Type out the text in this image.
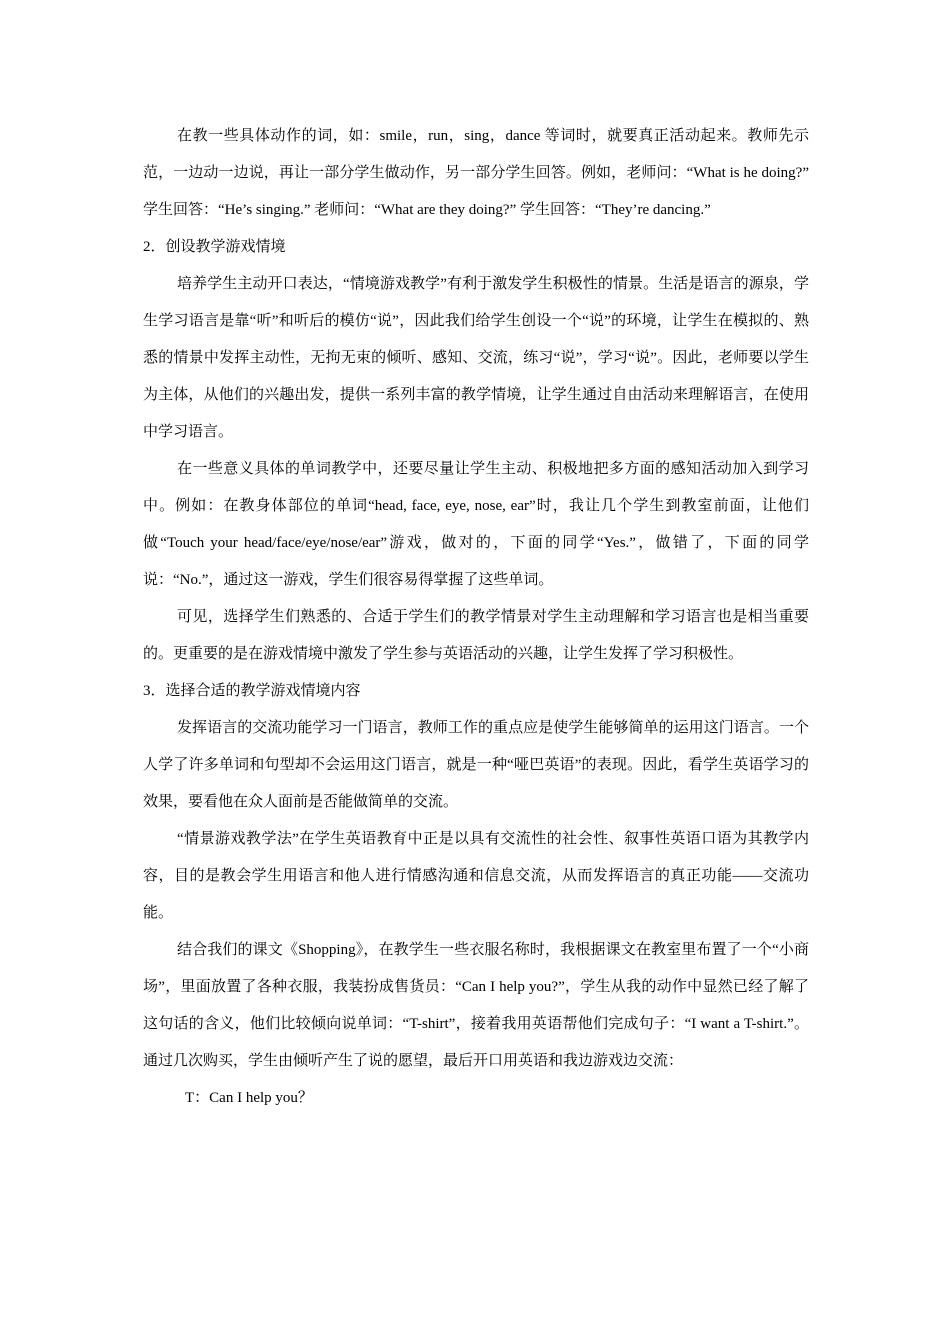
在教一些具体动作的词，如：smile，run，sing，dance 等词时，就要真正活动起来。教师先示范，一边动一边说，再让一部分学生做动作，另一部分学生回答。例如，老师问：“What is he doing?” 学生回答：“He’s singing.” 老师问：“What are they doing?” 学生回答：“They’re dancing.”

2．创设教学游戏情境

培养学生主动开口表达，“情境游戏教学”有利于激发学生积极性的情景。生活是语言的源泉，学生学习语言是靠“听”和听后的模仿“说”，因此我们给学生创设一个“说”的环境，让学生在模拟的、熟悉的情景中发挥主动性，无拘无束的倾听、感知、交流，练习“说”，学习“说”。因此，老师要以学生为主体，从他们的兴趣出发，提供一系列丰富的教学情境，让学生通过自由活动来理解语言，在使用中学习语言。

在一些意义具体的单词教学中，还要尽量让学生主动、积极地把多方面的感知活动加入到学习中。例如：在教身体部位的单词“head, face, eye, nose, ear”时，我让几个学生到教室前面，让他们做“Touch your head/face/eye/nose/ear”游戏，做对的，下面的同学“Yes.”，做错了，下面的同学说：“No.”，通过这一游戏，学生们很容易得掌握了这些单词。

可见，选择学生们熟悉的、合适于学生们的教学情景对学生主动理解和学习语言也是相当重要的。更重要的是在游戏情境中激发了学生参与英语活动的兴趣，让学生发挥了学习积极性。

3．选择合适的教学游戏情境内容

发挥语言的交流功能学习一门语言，教师工作的重点应是使学生能够简单的运用这门语言。一个人学了许多单词和句型却不会运用这门语言，就是一种“哑巴英语”的表现。因此，看学生英语学习的效果，要看他在众人面前是否能做简单的交流。

“情景游戏教学法”在学生英语教育中正是以具有交流性的社会性、叙事性英语口语为其教学内容，目的是教会学生用语言和他人进行情感沟通和信息交流，从而发挥语言的真正功能——交流功能。

结合我们的课文《Shopping》，在教学生一些衣服名称时，我根据课文在教室里布置了一个“小商场”，里面放置了各种衣服，我装扮成售货员：“Can I help you?”，学生从我的动作中显然已经了解了这句话的含义，他们比较倾向说单词：“T-shirt”，接着我用英语帮他们完成句子：“I want a T-shirt.”。通过几次购买，学生由倾听产生了说的愿望，最后开口用英语和我边游戏边交流：

T：Can I help you？
